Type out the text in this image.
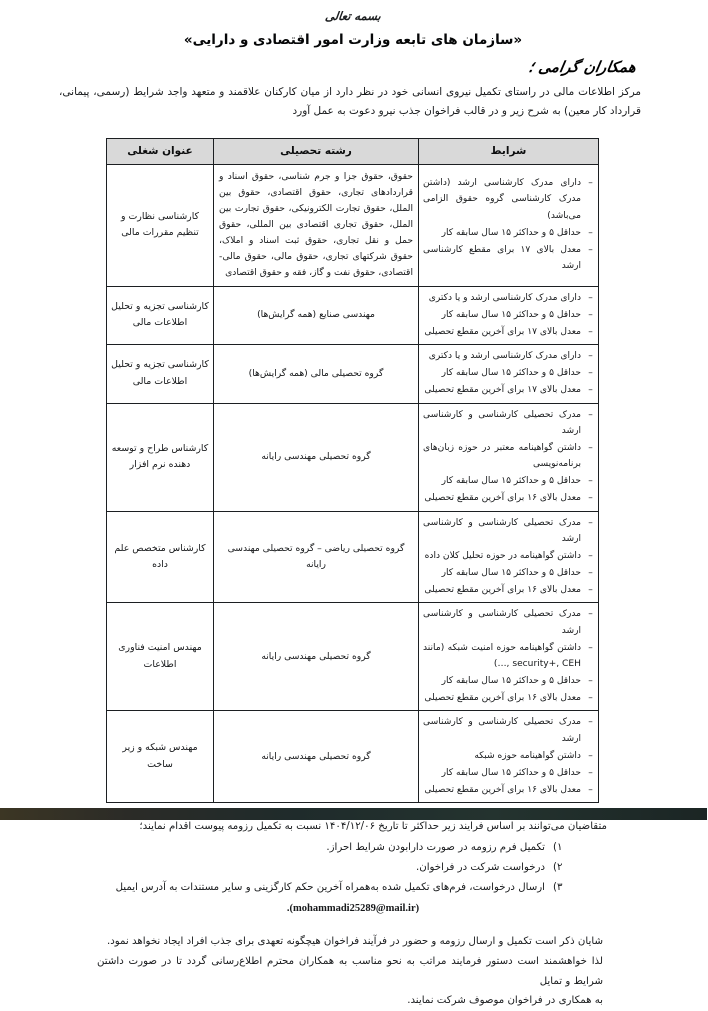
بسمه تعالی
«سازمان های تابعه وزارت امور اقتصادی و دارایی»
همکاران گرامی ؛

مرکز اطلاعات مالی در راستای تکمیل نیروی انسانی خود در نظر دارد از میان کارکنان علاقمند و متعهد واجد شرایط (رسمی، پیمانی، قرارداد کار معین) به شرح زیر و در قالب فراخوان جذب نیرو دعوت به عمل آورد

شرایط	رشته تحصیلی	عنوان شغلی

–
دارای مدرک کارشناسی ارشد (داشتن مدرک کارشناسی گروه حقوق الزامی می‌باشد)
–
حداقل ۵ و حداکثر ۱۵ سال سابقه کار
–
معدل بالای ۱۷ برای مقطع کارشناسی ارشد
	حقوق، حقوق جزا و جرم شناسی، حقوق اسناد و قراردادهای تجاری، حقوق اقتصادی، حقوق بین الملل، حقوق تجارت الکترونیکی، حقوق تجارت بین الملل، حقوق تجاری اقتصادی بین المللی، حقوق حمل و نقل تجاری، حقوق ثبت اسناد و املاک، حقوق شرکتهای تجاری، حقوق مالی، حقوق مالی- اقتصادی، حقوق نفت و گاز، فقه و حقوق اقتصادی	کارشناسی نظارت و تنظیم مقررات مالی

–
دارای مدرک کارشناسی ارشد و یا دکتری
–
حداقل ۵ و حداکثر ۱۵ سال سابقه کار
–
معدل بالای ۱۷ برای آخرین مقطع تحصیلی
	مهندسی صنایع (همه گرایش‌ها)	کارشناسی تجزیه و تحلیل اطلاعات مالی

–
دارای مدرک کارشناسی ارشد و یا دکتری
–
حداقل ۵ و حداکثر ۱۵ سال سابقه کار
–
معدل بالای ۱۷ برای آخرین مقطع تحصیلی
	گروه تحصیلی مالی (همه گرایش‌ها)	کارشناسی تجزیه و تحلیل اطلاعات مالی

–
مدرک تحصیلی کارشناسی و کارشناسی ارشد
–
داشتن گواهینامه معتبر در حوزه زبان‌های برنامه‌نویسی
–
حداقل ۵ و حداکثر ۱۵ سال سابقه کار
–
معدل بالای ۱۶ برای آخرین مقطع تحصیلی
	گروه تحصیلی مهندسی رایانه	کارشناس طراح و توسعه دهنده نرم افزار

–
مدرک تحصیلی کارشناسی و کارشناسی ارشد
–
داشتن گواهینامه در حوزه تحلیل کلان داده
–
حداقل ۵ و حداکثر ۱۵ سال سابقه کار
–
معدل بالای ۱۶ برای آخرین مقطع تحصیلی
	گروه تحصیلی ریاضی – گروه تحصیلی مهندسی رایانه	کارشناس متخصص علم داده

–
مدرک تحصیلی کارشناسی و کارشناسی ارشد
–
داشتن گواهینامه حوزه امنیت شبکه (مانند security+, CEH ,…)
–
حداقل ۵ و حداکثر ۱۵ سال سابقه کار
–
معدل بالای ۱۶ برای آخرین مقطع تحصیلی
	گروه تحصیلی مهندسی رایانه	مهندس امنیت فناوری اطلاعات

–
مدرک تحصیلی کارشناسی و کارشناسی ارشد
–
داشتن گواهینامه حوزه شبکه
–
حداقل ۵ و حداکثر ۱۵ سال سابقه کار
–
معدل بالای ۱۶ برای آخرین مقطع تحصیلی
	گروه تحصیلی مهندسی رایانه	مهندس شبکه و زیر ساخت

متقاضیان می‌توانند بر اساس فرایند زیر حداکثر تا تاریخ ۱۴۰۴/۱۲/۰۶ نسبت به تکمیل رزومه پیوست اقدام نمایند؛

۱)
تکمیل فرم رزومه در صورت دارابودن شرایط احراز.
۲)
درخواست شرکت در فراخوان.
۳)
ارسال درخواست، فرم‌های تکمیل شده به‌همراه آخرین حکم کارگزینی و سایر مستندات به آدرس ایمیل

(mohammadi25289@mail.ir).

شایان ذکر است تکمیل و ارسال رزومه و حضور در فرآیند فراخوان هیچگونه تعهدی برای جذب افراد ایجاد نخواهد نمود.

لذا خواهشمند است دستور فرمایند مراتب به نحو مناسب به همکاران محترم اطلاع‌رسانی گردد تا در صورت داشتن شرایط و تمایل

به همکاری در فراخوان موصوف شرکت نمایند.
